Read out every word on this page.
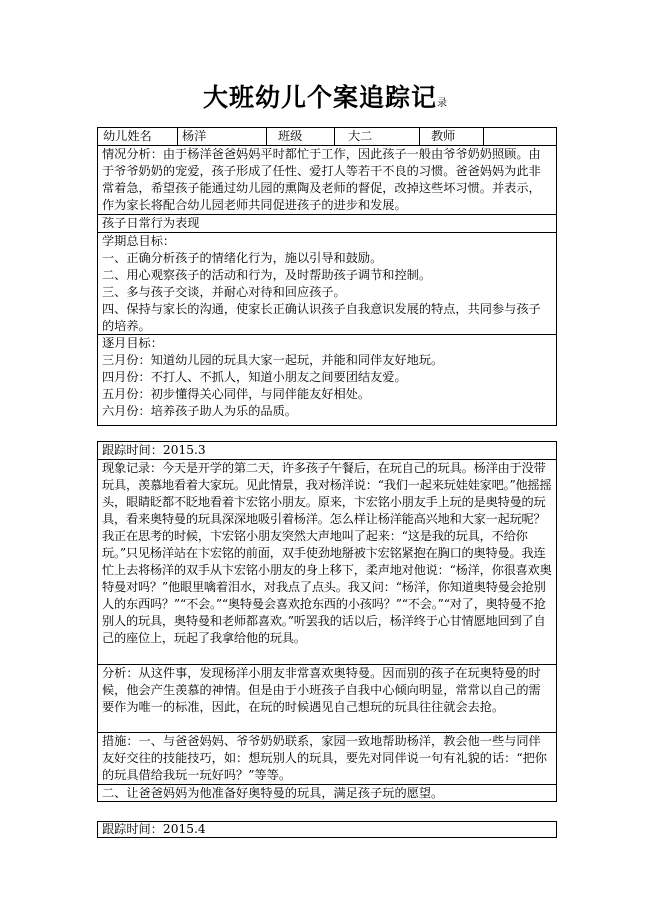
大班幼儿个案追踪记录
幼儿姓名 杨洋	班级	大二	教师
情况分析：由于杨洋爸爸妈妈平时都忙于工作，因此孩子一般由爷爷奶奶照顾。由于爷爷奶奶的宠爱，孩子形成了任性、爱打人等若干不良的习惯。爸爸妈妈为此非常着急，希望孩子能通过幼儿园的熏陶及老师的督促，改掉这些坏习惯。并表示，作为家长将配合幼儿园老师共同促进孩子的进步和发展。
孩子日常行为表现
学期总目标：
一、正确分析孩子的情绪化行为，施以引导和鼓励。
二、用心观察孩子的活动和行为，及时帮助孩子调节和控制。
三、多与孩子交谈，并耐心对待和回应孩子。
四、保持与家长的沟通，使家长正确认识孩子自我意识发展的特点，共同参与孩子的培养。
逐月目标：
三月份：知道幼儿园的玩具大家一起玩，并能和同伴友好地玩。
四月份：不打人、不抓人，知道小朋友之间要团结友爱。
五月份：初步懂得关心同伴，与同伴能友好相处。
六月份：培养孩子助人为乐的品质。
跟踪时间：2015.3
现象记录：今天是开学的第二天，许多孩子午餐后，在玩自己的玩具。杨洋由于没带玩具，羡慕地看着大家玩。见此情景，我对杨洋说：“我们一起来玩娃娃家吧。”他摇摇头，眼睛眨都不眨地看着卞宏铭小朋友。原来，卞宏铭小朋友手上玩的是奥特曼的玩具，看来奥特曼的玩具深深地吸引着杨洋。怎么样让杨洋能高兴地和大家一起玩呢？我正在思考的时候，卞宏铭小朋友突然大声地叫了起来：“这是我的玩具，不给你玩。”只见杨洋站在卞宏铭的前面，双手使劲地掰被卞宏铭紧抱在胸口的奥特曼。我连忙上去将杨洋的双手从卞宏铭小朋友的身上移下，柔声地对他说：“杨洋，你很喜欢奥特曼对吗？”他眼里噙着泪水，对我点了点头。我又问：“杨洋，你知道奥特曼会抢别人的东西吗？”“不会。”“奥特曼会喜欢抢东西的小孩吗？”“不会。”“对了，奥特曼不抢别人的玩具，奥特曼和老师都喜欢。”听罢我的话以后，杨洋终于心甘情愿地回到了自己的座位上，玩起了我拿给他的玩具。
分析：从这件事，发现杨洋小朋友非常喜欢奥特曼。因而别的孩子在玩奥特曼的时候，他会产生羡慕的神情。但是由于小班孩子自我中心倾向明显，常常以自己的需要作为唯一的标准，因此，在玩的时候遇见自己想玩的玩具往往就会去抢。
措施：一、与爸爸妈妈、爷爷奶奶联系，家园一致地帮助杨洋，教会他一些与同伴友好交往的技能技巧，如：想玩别人的玩具，要先对同伴说一句有礼貌的话：“把你的玩具借给我玩一玩好吗？”等等。
二、让爸爸妈妈为他准备好奥特曼的玩具，满足孩子玩的愿望。
跟踪时间：2015.4
